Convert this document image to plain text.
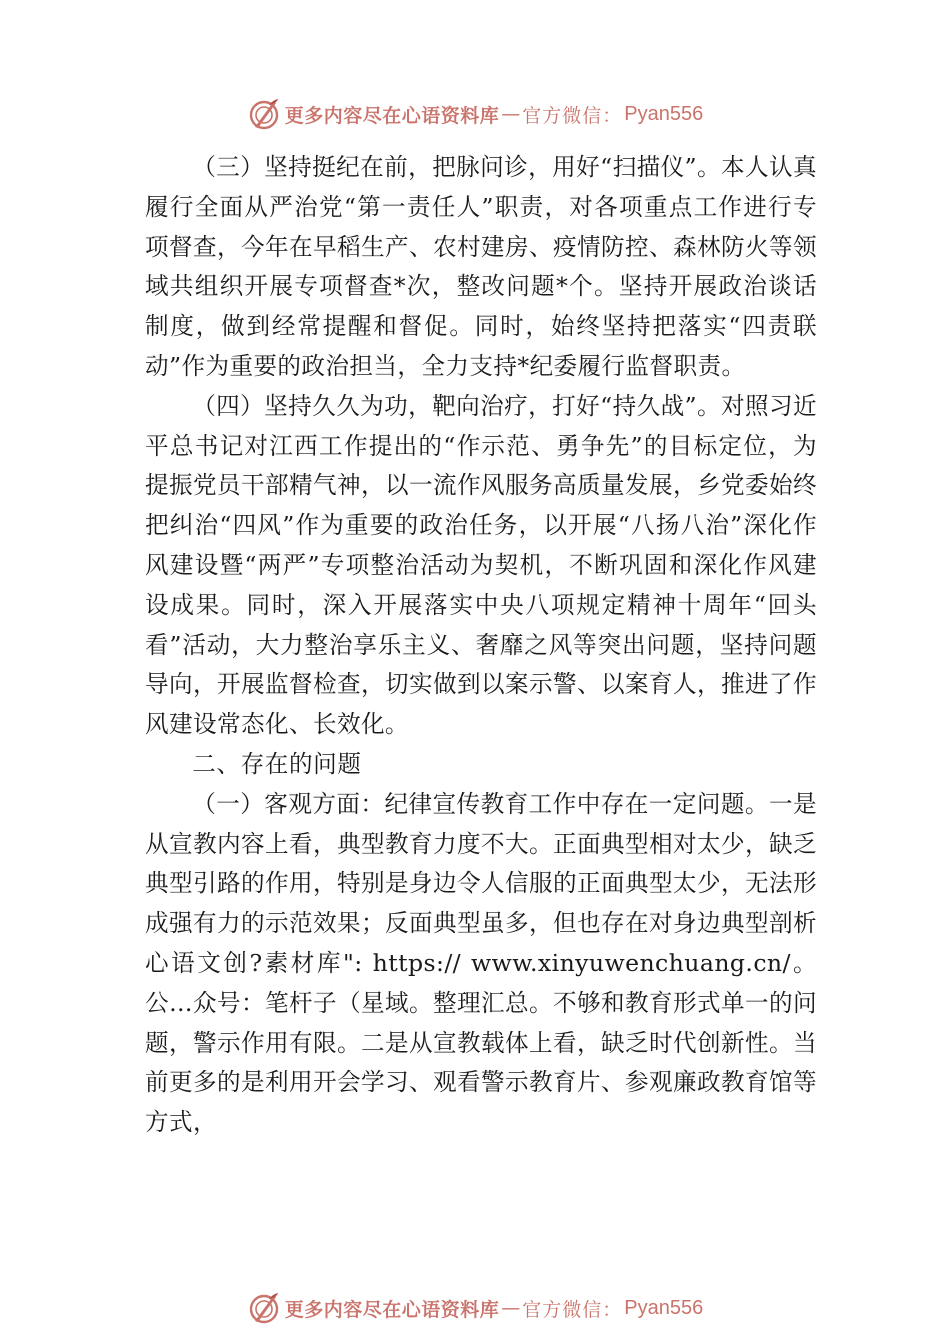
更多内容尽在心语资料库 — 官方微信： Pyan556

（三）坚持挺纪在前，把脉问诊，用好“扫描仪”。本人认真履行全面从严治党“第一责任人”职责，对各项重点工作进行专项督查，今年在早稻生产、农村建房、疫情防控、森林防火等领域共组织开展专项督查*次，整改问题*个。坚持开展政治谈话制度，做到经常提醒和督促。同时，始终坚持把落实“四责联动”作为重要的政治担当，全力支持*纪委履行监督职责。

（四）坚持久久为功，靶向治疗，打好“持久战”。对照习近平总书记对江西工作提出的“作示范、勇争先”的目标定位，为提振党员干部精气神，以一流作风服务高质量发展，乡党委始终把纠治“四风”作为重要的政治任务，以开展“八扬八治”深化作风建设暨“两严”专项整治活动为契机，不断巩固和深化作风建设成果。同时，深入开展落实中央八项规定精神十周年“回头看”活动，大力整治享乐主义、奢靡之风等突出问题，坚持问题导向，开展监督检查，切实做到以案示警、以案育人，推进了作风建设常态化、长效化。

二、存在的问题

（一）客观方面：纪律宣传教育工作中存在一定问题。一是从宣教内容上看，典型教育力度不大。正面典型相对太少，缺乏典型引路的作用，特别是身边令人信服的正面典型太少，无法形成强有力的示范效果；反面典型虽多，但也存在对身边典型剖析心语文创?素材库": https:// www.xinyuwenchuang.cn/。公…众号：笔杆子（星域。整理汇总。不够和教育形式单一的问题，警示作用有限。二是从宣教载体上看，缺乏时代创新性。当前更多的是利用开会学习、观看警示教育片、参观廉政教育馆等方式，

更多内容尽在心语资料库 — 官方微信： Pyan556
